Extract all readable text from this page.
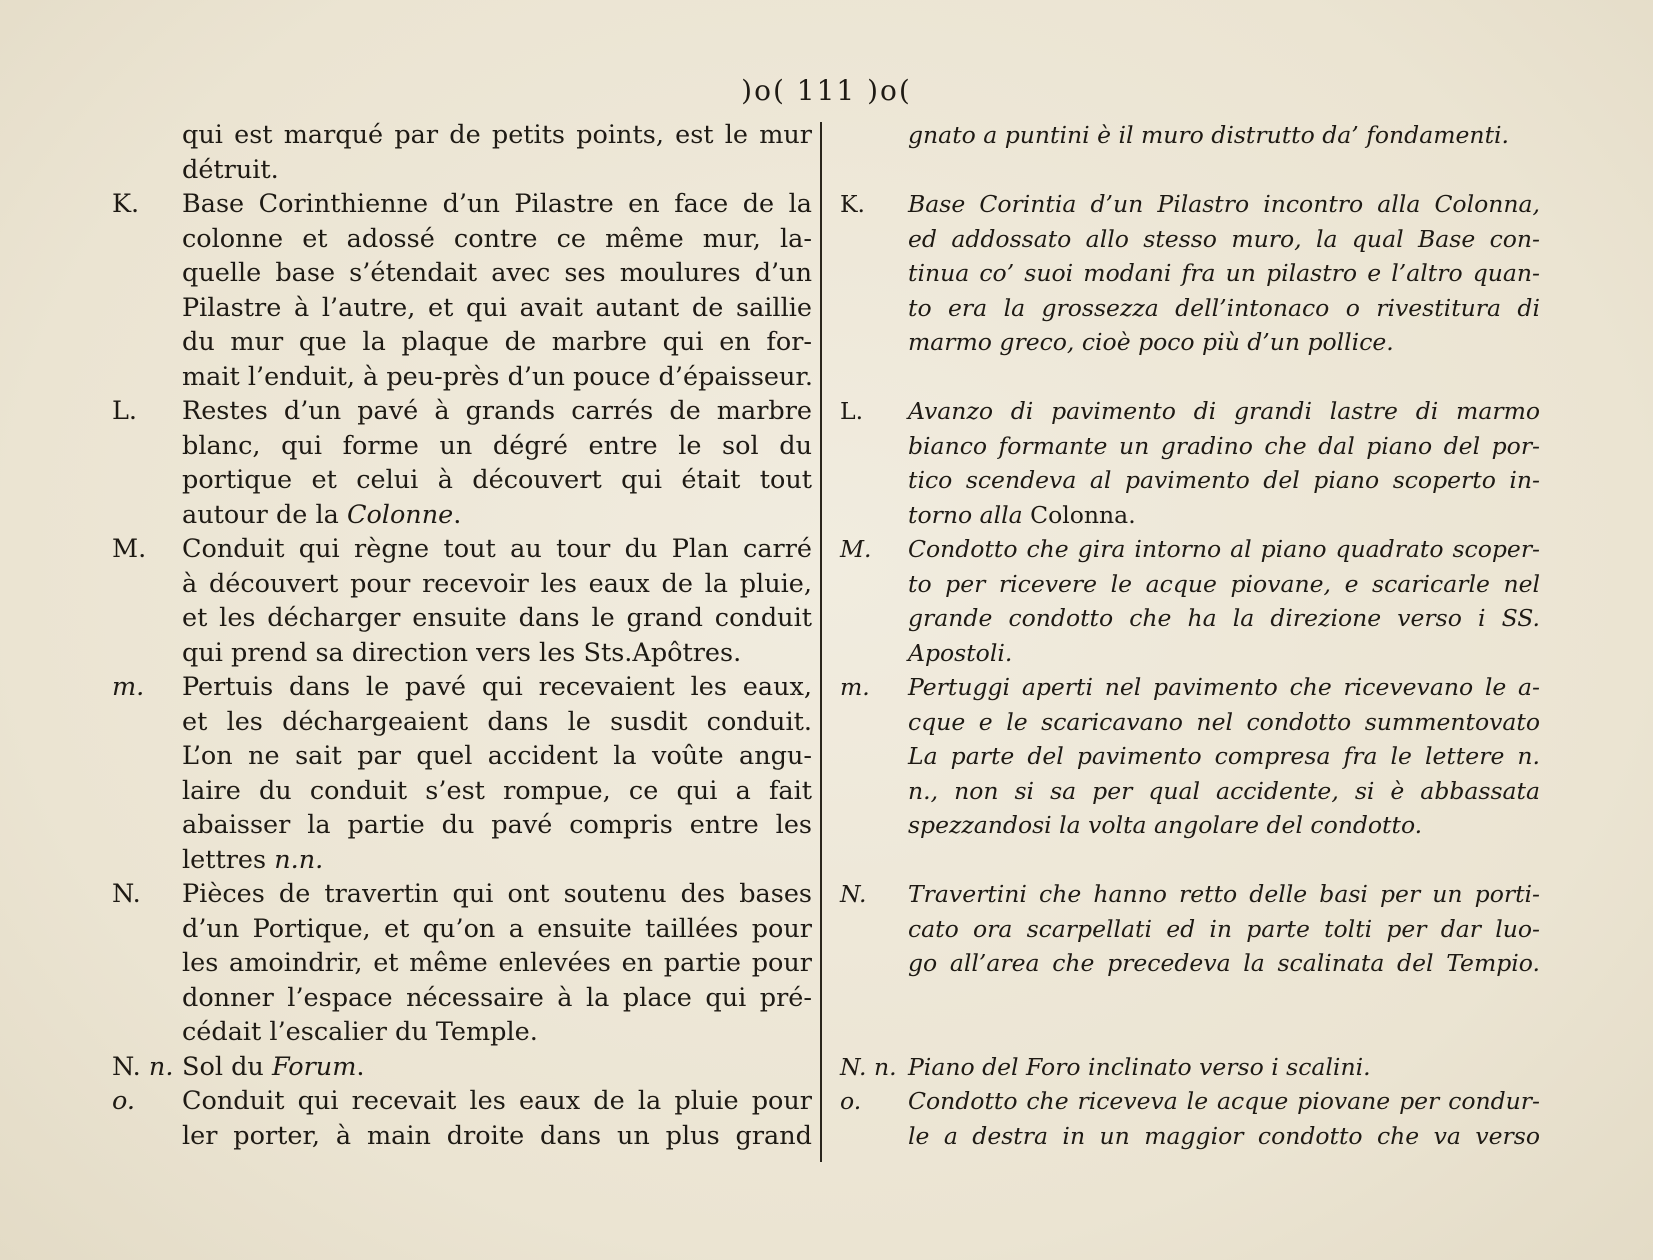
)o( 111 )o(
qui est marqué par de petits points, est le mur
détruit.
K. Base Corinthienne d’un Pilastre en face de la
colonne et adossé contre ce même mur, la-
quelle base s’étendait avec ses moulures d’un
Pilastre à l’autre, et qui avait autant de saillie
du mur que la plaque de marbre qui en for-
mait l’enduit, à peu-près d’un pouce d’épaisseur.
L. Restes d’un pavé à grands carrés de marbre
blanc, qui forme un dégré entre le sol du
portique et celui à découvert qui était tout
autour de la Colonne.
M. Conduit qui règne tout au tour du Plan carré
à découvert pour recevoir les eaux de la pluie,
et les décharger ensuite dans le grand conduit
qui prend sa direction vers les Sts.Apôtres.
m. Pertuis dans le pavé qui recevaient les eaux,
et les déchargeaient dans le susdit conduit.
L’on ne sait par quel accident la voûte angu-
laire du conduit s’est rompue, ce qui a fait
abaisser la partie du pavé compris entre les
lettres n.n.
N. Pièces de travertin qui ont soutenu des bases
d’un Portique, et qu’on a ensuite taillées pour
les amoindrir, et même enlevées en partie pour
donner l’espace nécessaire à la place qui pré-
cédait l’escalier du Temple.
N. n. Sol du Forum.
o. Conduit qui recevait les eaux de la pluie pour
ler porter, à main droite dans un plus grand
gnato a puntini è il muro distrutto da’ fondamenti.
K. Base Corintia d’un Pilastro incontro alla Colonna,
ed addossato allo stesso muro, la qual Base con-
tinua co’ suoi modani fra un pilastro e l’altro quan-
to era la grossezza dell’intonaco o rivestitura di
marmo greco, cioè poco più d’un pollice.
L. Avanzo di pavimento di grandi lastre di marmo
bianco formante un gradino che dal piano del por-
tico scendeva al pavimento del piano scoperto in-
torno alla Colonna.
M. Condotto che gira intorno al piano quadrato scoper-
to per ricevere le acque piovane, e scaricarle nel
grande condotto che ha la direzione verso i SS.
Apostoli.
m. Pertuggi aperti nel pavimento che ricevevano le a-
cque e le scaricavano nel condotto summentovato
La parte del pavimento compresa fra le lettere n.
n., non si sa per qual accidente, si è abbassata
spezzandosi la volta angolare del condotto.
N. Travertini che hanno retto delle basi per un porti-
cato ora scarpellati ed in parte tolti per dar luo-
go all’area che precedeva la scalinata del Tempio.
N. n. Piano del Foro inclinato verso i scalini.
o. Condotto che riceveva le acque piovane per condur-
le a destra in un maggior condotto che va verso
